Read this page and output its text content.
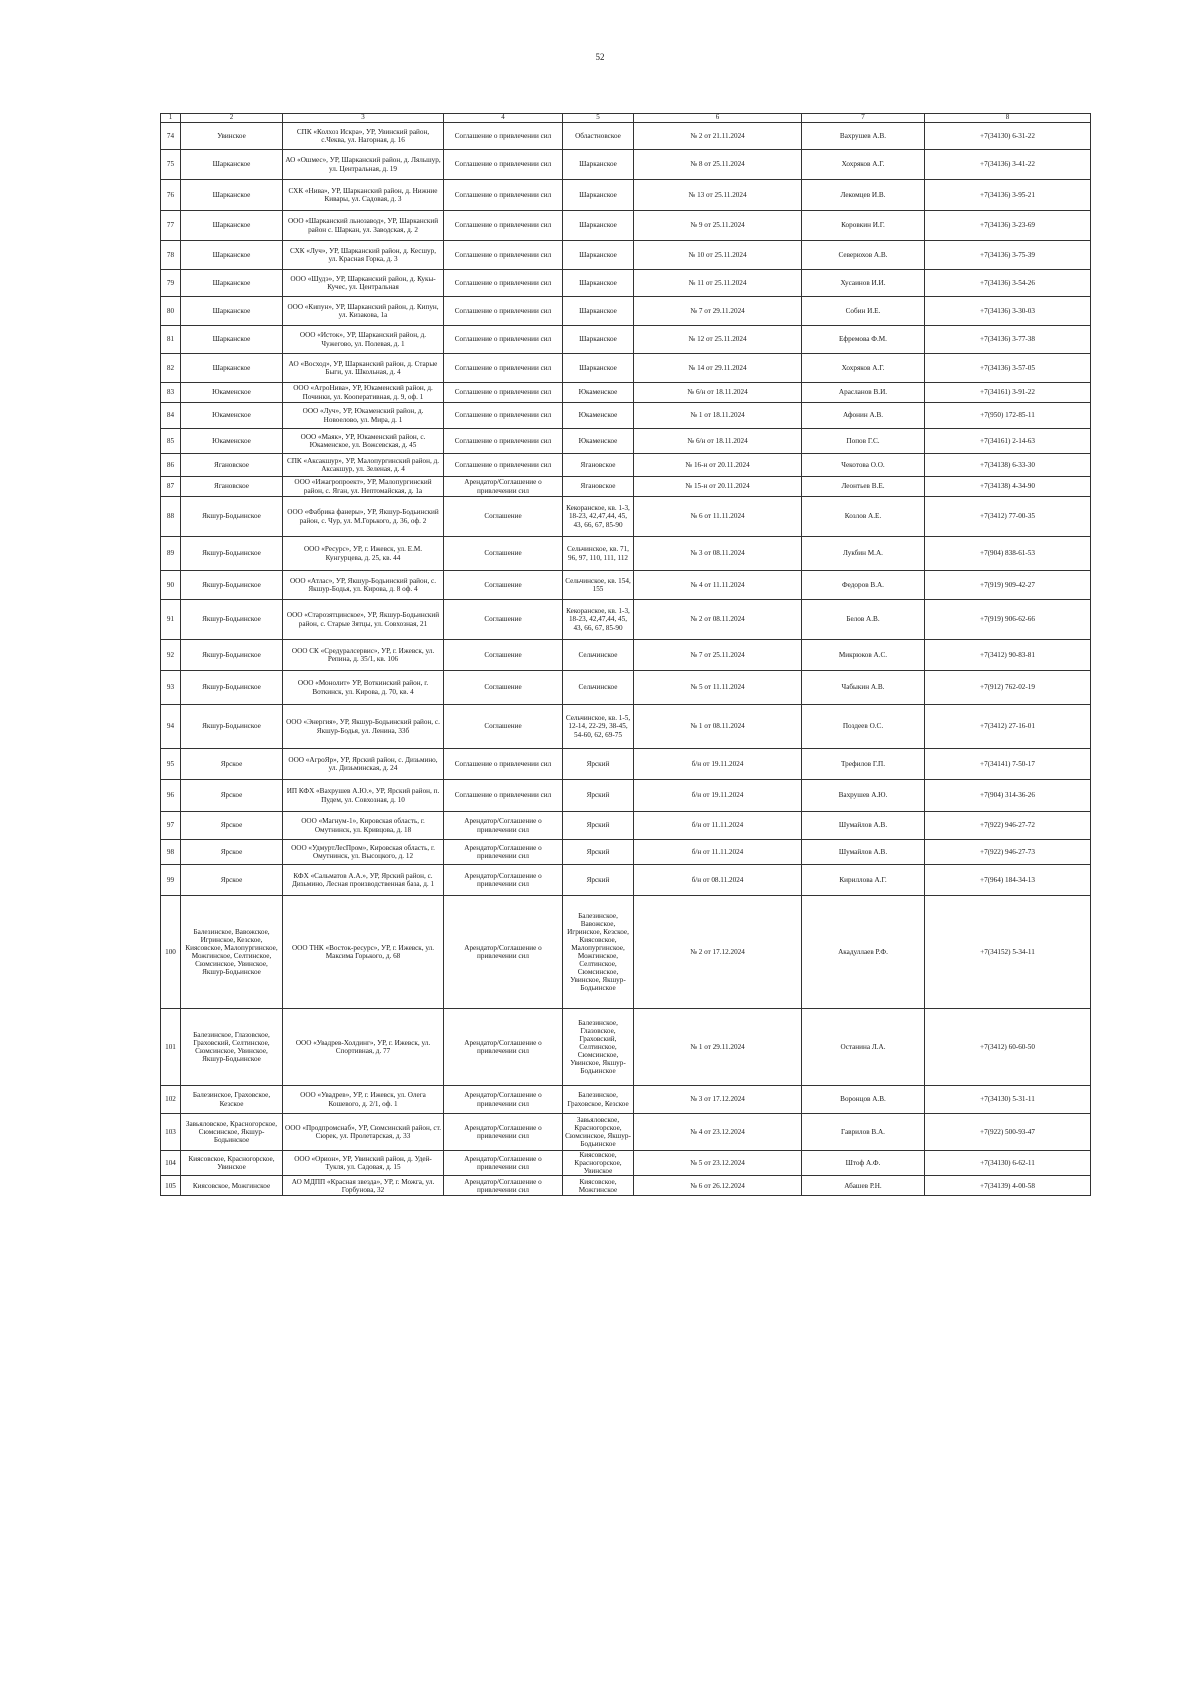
52
1	2	3	4	5	6	7	8
74	Увинское	СПК «Колхоз Искра», УР, Увинский район, с.Чеква, ул. Нагорная, д. 16	Соглашение о привлечении сил	Областновское	№ 2 от 21.11.2024	Вахрушев А.В.	+7(34130) 6-31-22
75	Шарканское	АО «Ошмес», УР, Шарканский район, д. Ляльшур, ул. Центральная, д. 19	Соглашение о привлечении сил	Шарканское	№ 8 от 25.11.2024	Хохряков А.Г.	+7(34136) 3-41-22
76	Шарканское	СХК «Нива», УР, Шарканский район, д. Нижние Кивары, ул. Садовая, д. 3	Соглашение о привлечении сил	Шарканское	№ 13 от 25.11.2024	Лекомцев И.В.	+7(34136) 3-95-21
77	Шарканское	ООО «Шарканский льнозавод», УР, Шарканский район с. Шаркан, ул. Заводская, д. 2	Соглашение о привлечении сил	Шарканское	№ 9 от 25.11.2024	Коровкин И.Г.	+7(34136) 3-23-69
78	Шарканское	СХК «Луч», УР, Шарканский район, д. Кесшур, ул. Красная Горка, д. 3	Соглашение о привлечении сил	Шарканское	№ 10 от 25.11.2024	Северюхов А.В.	+7(34136) 3-75-39
79	Шарканское	ООО «Шудэ», УР, Шарканский район, д. Кукы-Кучес, ул. Центральная	Соглашение о привлечении сил	Шарканское	№ 11 от 25.11.2024	Хусаинов И.И.	+7(34136) 3-54-26
80	Шарканское	ООО «Кипун», УР, Шарканский район, д. Кипун, ул. Кизакова, 1а	Соглашение о привлечении сил	Шарканское	№ 7 от 29.11.2024	Собин И.Е.	+7(34136) 3-30-03
81	Шарканское	ООО «Исток», УР, Шарканский район, д. Чужегово, ул. Полевая, д. 1	Соглашение о привлечении сил	Шарканское	№ 12 от 25.11.2024	Ефремова Ф.М.	+7(34136) 3-77-38
82	Шарканское	АО «Восход», УР, Шарканский район, д. Старые Быги, ул. Школьная, д. 4	Соглашение о привлечении сил	Шарканское	№ 14 от 29.11.2024	Хохряков А.Г.	+7(34136) 3-57-05
83	Юкаменское	ООО «АгроНива», УР, Юкаменский район, д. Починки, ул. Кооперативная, д. 9, оф. 1	Соглашение о привлечении сил	Юкаменское	№ 6/н от 18.11.2024	Арасланов В.И.	+7(34161) 3-91-22
84	Юкаменское	ООО «Луч», УР, Юкаменский район, д. Новоелово, ул. Мира, д. 1	Соглашение о привлечении сил	Юкаменское	№ 1 от 18.11.2024	Афонин А.В.	+7(950) 172-85-11
85	Юкаменское	ООО «Маяк», УР, Юкаменский район, с. Юкаменское, ул. Вожсевская, д. 45	Соглашение о привлечении сил	Юкаменское	№ 6/н от 18.11.2024	Попов Г.С.	+7(34161) 2-14-63
86	Ягановское	СПК «Аксакшур», УР, Малопургинский район, д. Аксакшур, ул. Зеленая, д. 4	Соглашение о привлечении сил	Ягановское	№ 16-н от 20.11.2024	Чекотова О.О.	+7(34138) 6-33-30
87	Ягановское	ООО «Ижагропроект», УР, Малопургинский район, с. Яган, ул. Нептомайская, д. 1а	Арендатор/Соглашение о привлечении сил	Ягановское	№ 15-н от 20.11.2024	Леонтьев В.Е.	+7(34138) 4-34-90
88	Якшур-Бодьинское	ООО «Фабрика фанеры», УР, Якшур-Бодьинский район, с. Чур, ул. М.Горького, д. 36, оф. 2	Соглашение	Кекоранское, кв. 1-3, 18-23, 42,47,44, 45, 43, 66, 67, 85-90	№ 6 от 11.11.2024	Козлов А.Е.	+7(3412) 77-00-35
89	Якшур-Бодьинское	ООО «Ресурс», УР, г. Ижевск, ул. Е.М. Кунгурцева, д. 25, кв. 44	Соглашение	Сельчинское, кв. 71, 96, 97, 110, 111, 112	№ 3 от 08.11.2024	Лукбин М.А.	+7(904) 838-61-53
90	Якшур-Бодьинское	ООО «Атлас», УР, Якшур-Бодьинский район, с. Якшур-Бодья, ул. Кирова, д. 8 оф. 4	Соглашение	Сельчинское, кв. 154, 155	№ 4 от 11.11.2024	Федоров В.А.	+7(919) 909-42-27
91	Якшур-Бодьинское	ООО «Старозятцинское», УР, Якшур-Бодьинский район, с. Старые Зятцы, ул. Совхозная, 21	Соглашение	Кекоранское, кв. 1-3, 18-23, 42,47,44, 45, 43, 66, 67, 85-90	№ 2 от 08.11.2024	Белов А.В.	+7(919) 906-62-66
92	Якшур-Бодьинское	ООО СК «Средуралсервис», УР, г. Ижевск, ул. Репина, д. 35/1, кв. 106	Соглашение	Сельчинское	№ 7 от 25.11.2024	Микрюков А.С.	+7(3412) 90-83-81
93	Якшур-Бодьинское	ООО «Монолит» УР, Воткинский район, г. Воткинск, ул. Кирова, д. 70, кв. 4	Соглашение	Сельчинское	№ 5 от 11.11.2024	Чабыкин А.В.	+7(912) 762-02-19
94	Якшур-Бодьинское	ООО «Энергия», УР, Якшур-Бодьинский район, с. Якшур-Бодья, ул. Ленина, 33б	Соглашение	Сельчинское, кв. 1-5, 12-14, 22-29, 38-45, 54-60, 62, 69-75	№ 1 от 08.11.2024	Поздеев О.С.	+7(3412) 27-16-01
95	Ярское	ООО «АгроЯр», УР, Ярский район, с. Дизьмино, ул. Дизьминская, д. 24	Соглашение о привлечении сил	Ярский	б/н от 19.11.2024	Трефилов Г.П.	+7(34141) 7-50-17
96	Ярское	ИП КФХ «Вахрушев А.Ю.», УР, Ярский район, п. Пудем, ул. Совхозная, д. 10	Соглашение о привлечении сил	Ярский	б/н от 19.11.2024	Вахрушев А.Ю.	+7(904) 314-36-26
97	Ярское	ООО «Магнум-1», Кировская область, г. Омутнинск, ул. Кривцова, д. 18	Арендатор/Соглашение о привлечении сил	Ярский	б/н от 11.11.2024	Шумайлов А.В.	+7(922) 946-27-72
98	Ярское	ООО «УдмуртЛесПром», Кировская область, г. Омутнинск, ул. Высоцкого, д. 12	Арендатор/Соглашение о привлечении сил	Ярский	б/н от 11.11.2024	Шумайлов А.В.	+7(922) 946-27-73
99	Ярское	КФХ «Сальматов А.А.», УР, Ярский район, с. Дизьмино, Лесная производственная база, д. 1	Арендатор/Соглашение о привлечении сил	Ярский	б/н от 08.11.2024	Кириллова А.Г.	+7(964) 184-34-13
100	Балезинское, Вавожское, Игринское, Кезское, Киясовское, Малопургинское, Можгинское, Селтинское, Сюмсинское, Увинское, Якшур-Бодьинское	ООО ТНК «Восток-ресурс», УР, г. Ижевск, ул. Максима Горького, д. 68	Арендатор/Соглашение о привлечении сил	Балезинское, Вавожское, Игринское, Кезское, Киясовское, Малопургинское, Можгинское, Селтинское, Сюмсинское, Увинское, Якшур-Бодьинское	№ 2 от 17.12.2024	Акадуллаев Р.Ф.	+7(34152) 5-34-11
101	Балезинское, Глазовское, Граховский, Селтинское, Сюмсинское, Увинское, Якшур-Бодьинское	ООО «Увадрев-Холдинг», УР, г. Ижевск, ул. Спортивная, д. 77	Арендатор/Соглашение о привлечении сил	Балезинское, Глазовское, Граховский, Селтинское, Сюмсинское, Увинское, Якшур-Бодьинское	№ 1 от 29.11.2024	Останина Л.А.	+7(3412) 60-60-50
102	Балезинское, Граховское, Кезское	ООО «Увадрев», УР, г. Ижевск, ул. Олега Кошевого, д. 2/1, оф. 1	Арендатор/Соглашение о привлечении сил	Балезинское, Граховское, Кезское	№ 3 от 17.12.2024	Воронцов А.В.	+7(34130) 5-31-11
103	Завьяловское, Красногорское, Сюмсинское, Якшур-Бодьинское	ООО «Продпромснаб», УР, Сюмсинский район, ст. Сюрек, ул. Пролетарская, д. 33	Арендатор/Соглашение о привлечении сил	Завьяловское, Красногорское, Сюмсинское, Якшур-Бодьинское	№ 4 от 23.12.2024	Гаврилов В.А.	+7(922) 500-93-47
104	Киясовское, Красногорское, Увинское	ООО «Орион», УР, Увинский район, д. Удей-Тукля, ул. Садовая, д. 15	Арендатор/Соглашение о привлечении сил	Киясовское, Красногорское, Увинское	№ 5 от 23.12.2024	Штоф А.Ф.	+7(34130) 6-62-11
105	Киясовское, Можгинское	АО МДПП «Красная звезда», УР, г. Можга, ул. Горбунова, 32	Арендатор/Соглашение о привлечении сил	Киясовское, Можгинское	№ 6 от 26.12.2024	Абашев Р.Н.	+7(34139) 4-00-58
